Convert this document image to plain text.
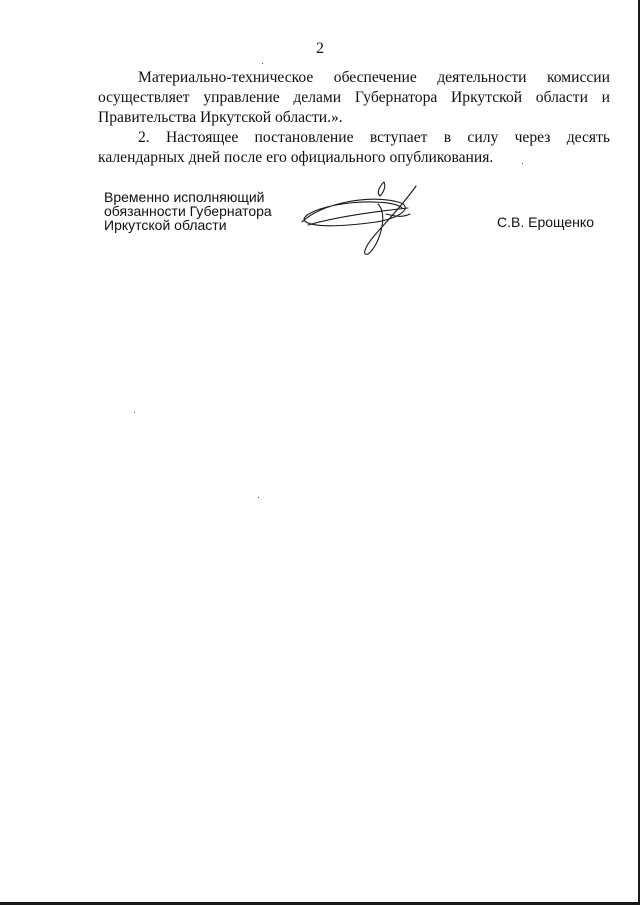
2

Материально-техническое обеспечение деятельности комиссии осуществляет управление делами Губернатора Иркутской области и Правительства Иркутской области.».

2. Настоящее постановление вступает в силу через десять календарных дней после его официального опубликования.

Временно исполняющий
обязанности Губернатора
Иркутской области	С.В. Ерощенко
